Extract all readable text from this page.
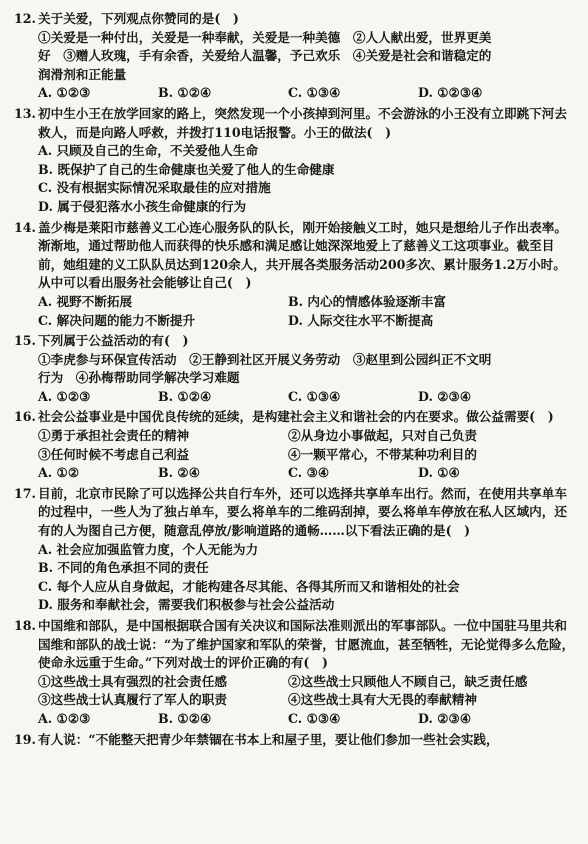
12. 关于关爱，下列观点你赞同的是(　)
①关爱是一种付出，关爱是一种奉献，关爱是一种美德　②人人献出爱，世界更美
好　③赠人玫瑰，手有余香，关爱给人温馨，予己欢乐　④关爱是社会和谐稳定的
润滑剂和正能量
A. ①②③	B. ①②④	C. ①③④	D. ①②③④
13. 初中生小王在放学回家的路上，突然发现一个小孩掉到河里。不会游泳的小王没有立即跳下河去救人，而是向路人呼救，并拨打110电话报警。小王的做法(　)
A. 只顾及自己的生命，不关爱他人生命
B. 既保护了自己的生命健康也关爱了他人的生命健康
C. 没有根据实际情况采取最佳的应对措施
D. 属于侵犯落水小孩生命健康的行为
14. 盖少梅是莱阳市慈善义工心连心服务队的队长，刚开始接触义工时，她只是想给儿子作出表率。渐渐地，通过帮助他人而获得的快乐感和满足感让她深深地爱上了慈善义工这项事业。截至目前，她组建的义工队队员达到120余人，共开展各类服务活动200多次、累计服务1.2万小时。从中可以看出服务社会能够让自己(　)
A. 视野不断拓展	B. 内心的情感体验逐渐丰富
C. 解决问题的能力不断提升	D. 人际交往水平不断提高
15. 下列属于公益活动的有(　)
①李虎参与环保宣传活动　②王静到社区开展义务劳动　③赵里到公园纠正不文明
行为　④孙梅帮助同学解决学习难题
A. ①②③	B. ①②④	C. ①③④	D. ②③④
16. 社会公益事业是中国优良传统的延续，是构建社会主义和谐社会的内在要求。做公益需要(　)
①勇于承担社会责任的精神	②从身边小事做起，只对自己负责
③任何时候不考虑自己利益	④一颗平常心，不带某种功利目的
A. ①②	B. ②④	C. ③④	D. ①④
17. 目前，北京市民除了可以选择公共自行车外，还可以选择共享单车出行。然而，在使用共享单车的过程中，一些人为了独占单车，要么将单车的二维码刮掉，要么将单车停放在私人区域内，还有的人为图自己方便，随意乱停放/影响道路的通畅……以下看法正确的是(　)
A. 社会应加强监管力度，个人无能为力
B. 不同的角色承担不同的责任
C. 每个人应从自身做起，才能构建各尽其能、各得其所而又和谐相处的社会
D. 服务和奉献社会，需要我们积极参与社会公益活动
18. 中国维和部队，是中国根据联合国有关决议和国际法准则派出的军事部队。一位中国驻马里共和国维和部队的战士说：“为了维护国家和军队的荣誉，甘愿流血，甚至牺牲，无论觉得多么危险，使命永远重于生命。”下列对战士的评价正确的有(　)
①这些战士具有强烈的社会责任感	②这些战士只顾他人不顾自己，缺乏责任感
③这些战士认真履行了军人的职责	④这些战士具有大无畏的奉献精神
A. ①②③	B. ①②④	C. ①③④	D. ②③④
19. 有人说：“不能整天把青少年禁锢在书本上和屋子里，要让他们参加一些社会实践，
